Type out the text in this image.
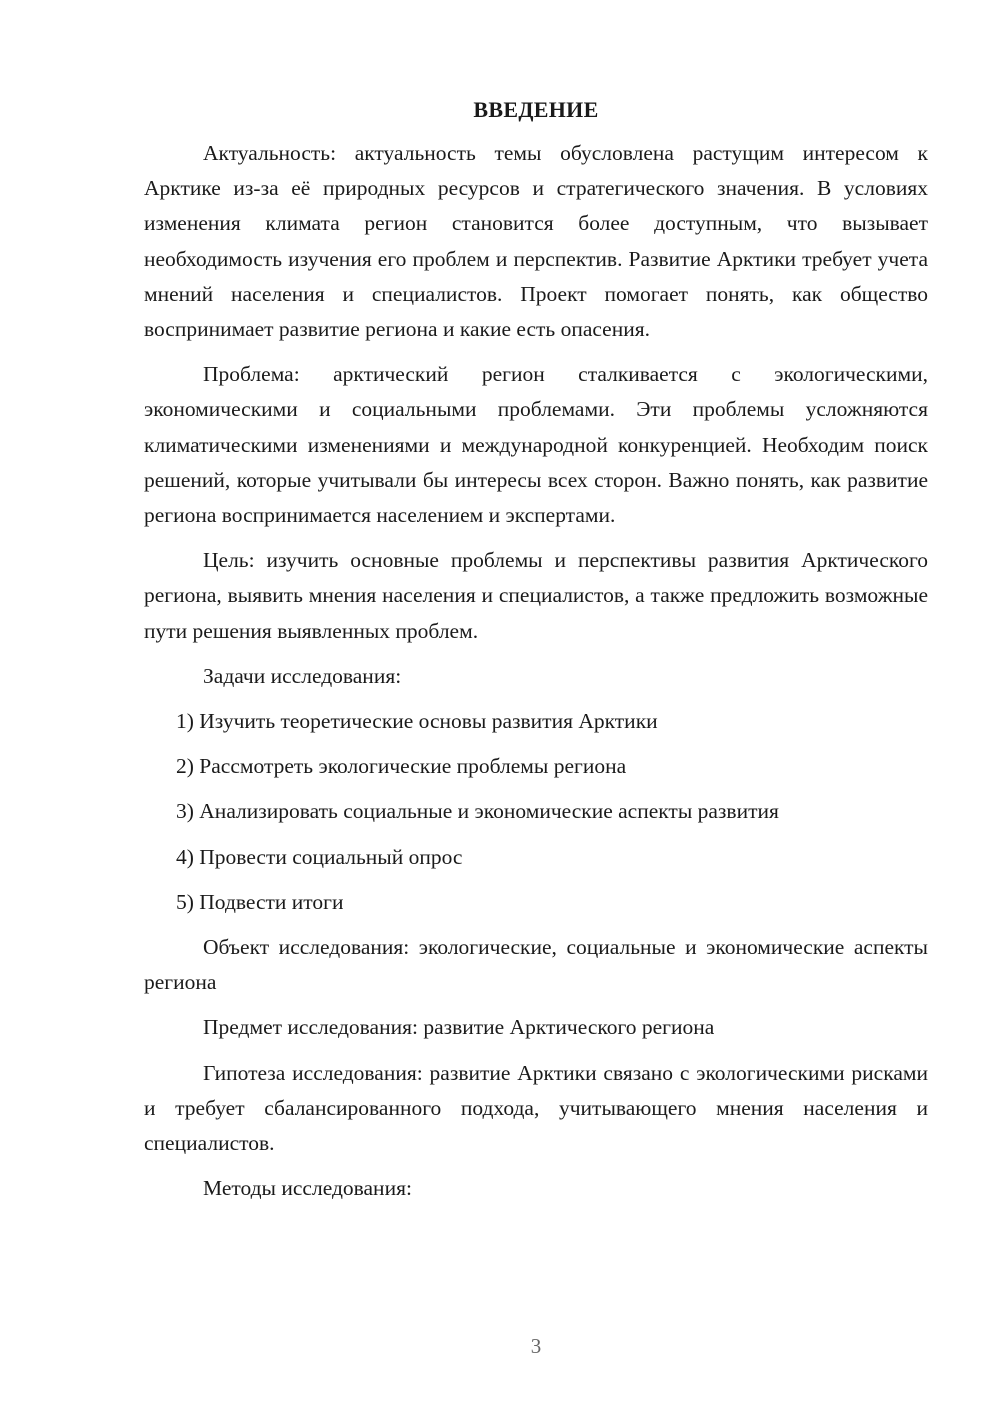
ВВЕДЕНИЕ

Актуальность: актуальность темы обусловлена растущим интересом к Арктике из-за её природных ресурсов и стратегического значения. В условиях изменения климата регион становится более доступным, что вызывает необходимость изучения его проблем и перспектив. Развитие Арктики требует учета мнений населения и специалистов. Проект помогает понять, как общество воспринимает развитие региона и какие есть опасения.

Проблема: арктический регион сталкивается с экологическими, экономическими и социальными проблемами. Эти проблемы усложняются климатическими изменениями и международной конкуренцией. Необходим поиск решений, которые учитывали бы интересы всех сторон. Важно понять, как развитие региона воспринимается населением и экспертами.

Цель: изучить основные проблемы и перспективы развития Арктического региона, выявить мнения населения и специалистов, а также предложить возможные пути решения выявленных проблем.

Задачи исследования:

1) Изучить теоретические основы развития Арктики
2) Рассмотреть экологические проблемы региона
3) Анализировать социальные и экономические аспекты развития
4) Провести социальный опрос
5) Подвести итоги

Объект исследования: экологические, социальные и экономические аспекты региона

Предмет исследования: развитие Арктического региона

Гипотеза исследования: развитие Арктики связано с экологическими рисками и требует сбалансированного подхода, учитывающего мнения населения и специалистов.

Методы исследования:

3
